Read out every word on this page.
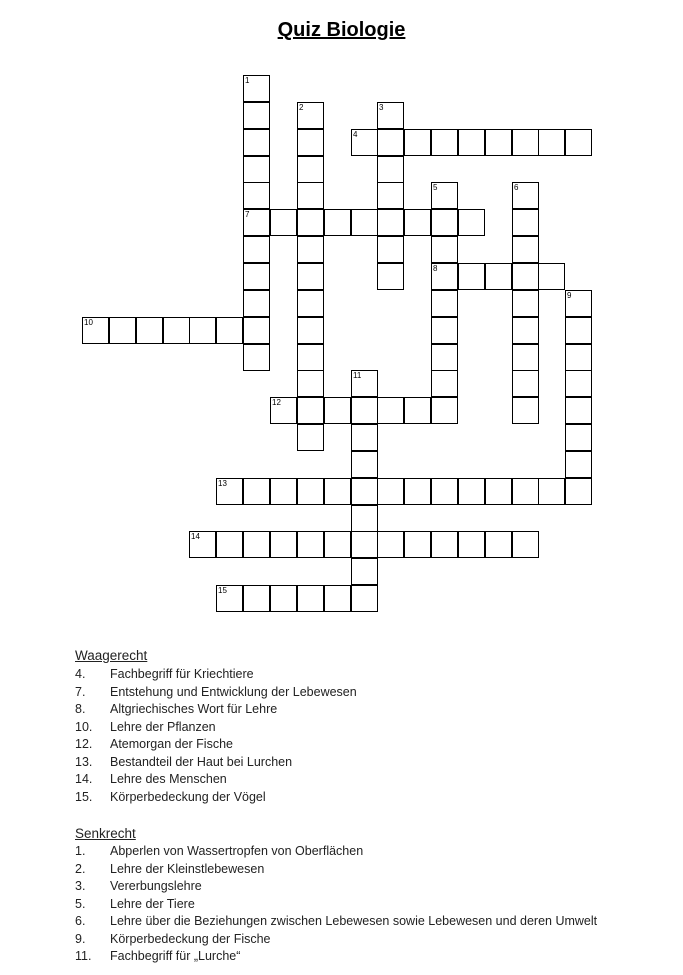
Quiz Biologie
1
7
2	3
4
5
8
6
9
10
11
12
13
14
15
Waagerecht
4. Fachbegriff für Kriechtiere
7. Entstehung und Entwicklung der Lebewesen
8. Altgriechisches Wort für Lehre
10. Lehre der Pflanzen
12. Atemorgan der Fische
13. Bestandteil der Haut bei Lurchen
14. Lehre des Menschen
15. Körperbedeckung der Vögel
Senkrecht
1. Abperlen von Wassertropfen von Oberflächen
2. Lehre der Kleinstlebewesen
3. Vererbungslehre
5. Lehre der Tiere
6. Lehre über die Beziehungen zwischen Lebewesen sowie Lebewesen und deren Umwelt
9. Körperbedeckung der Fische
11. Fachbegriff für „Lurche“
